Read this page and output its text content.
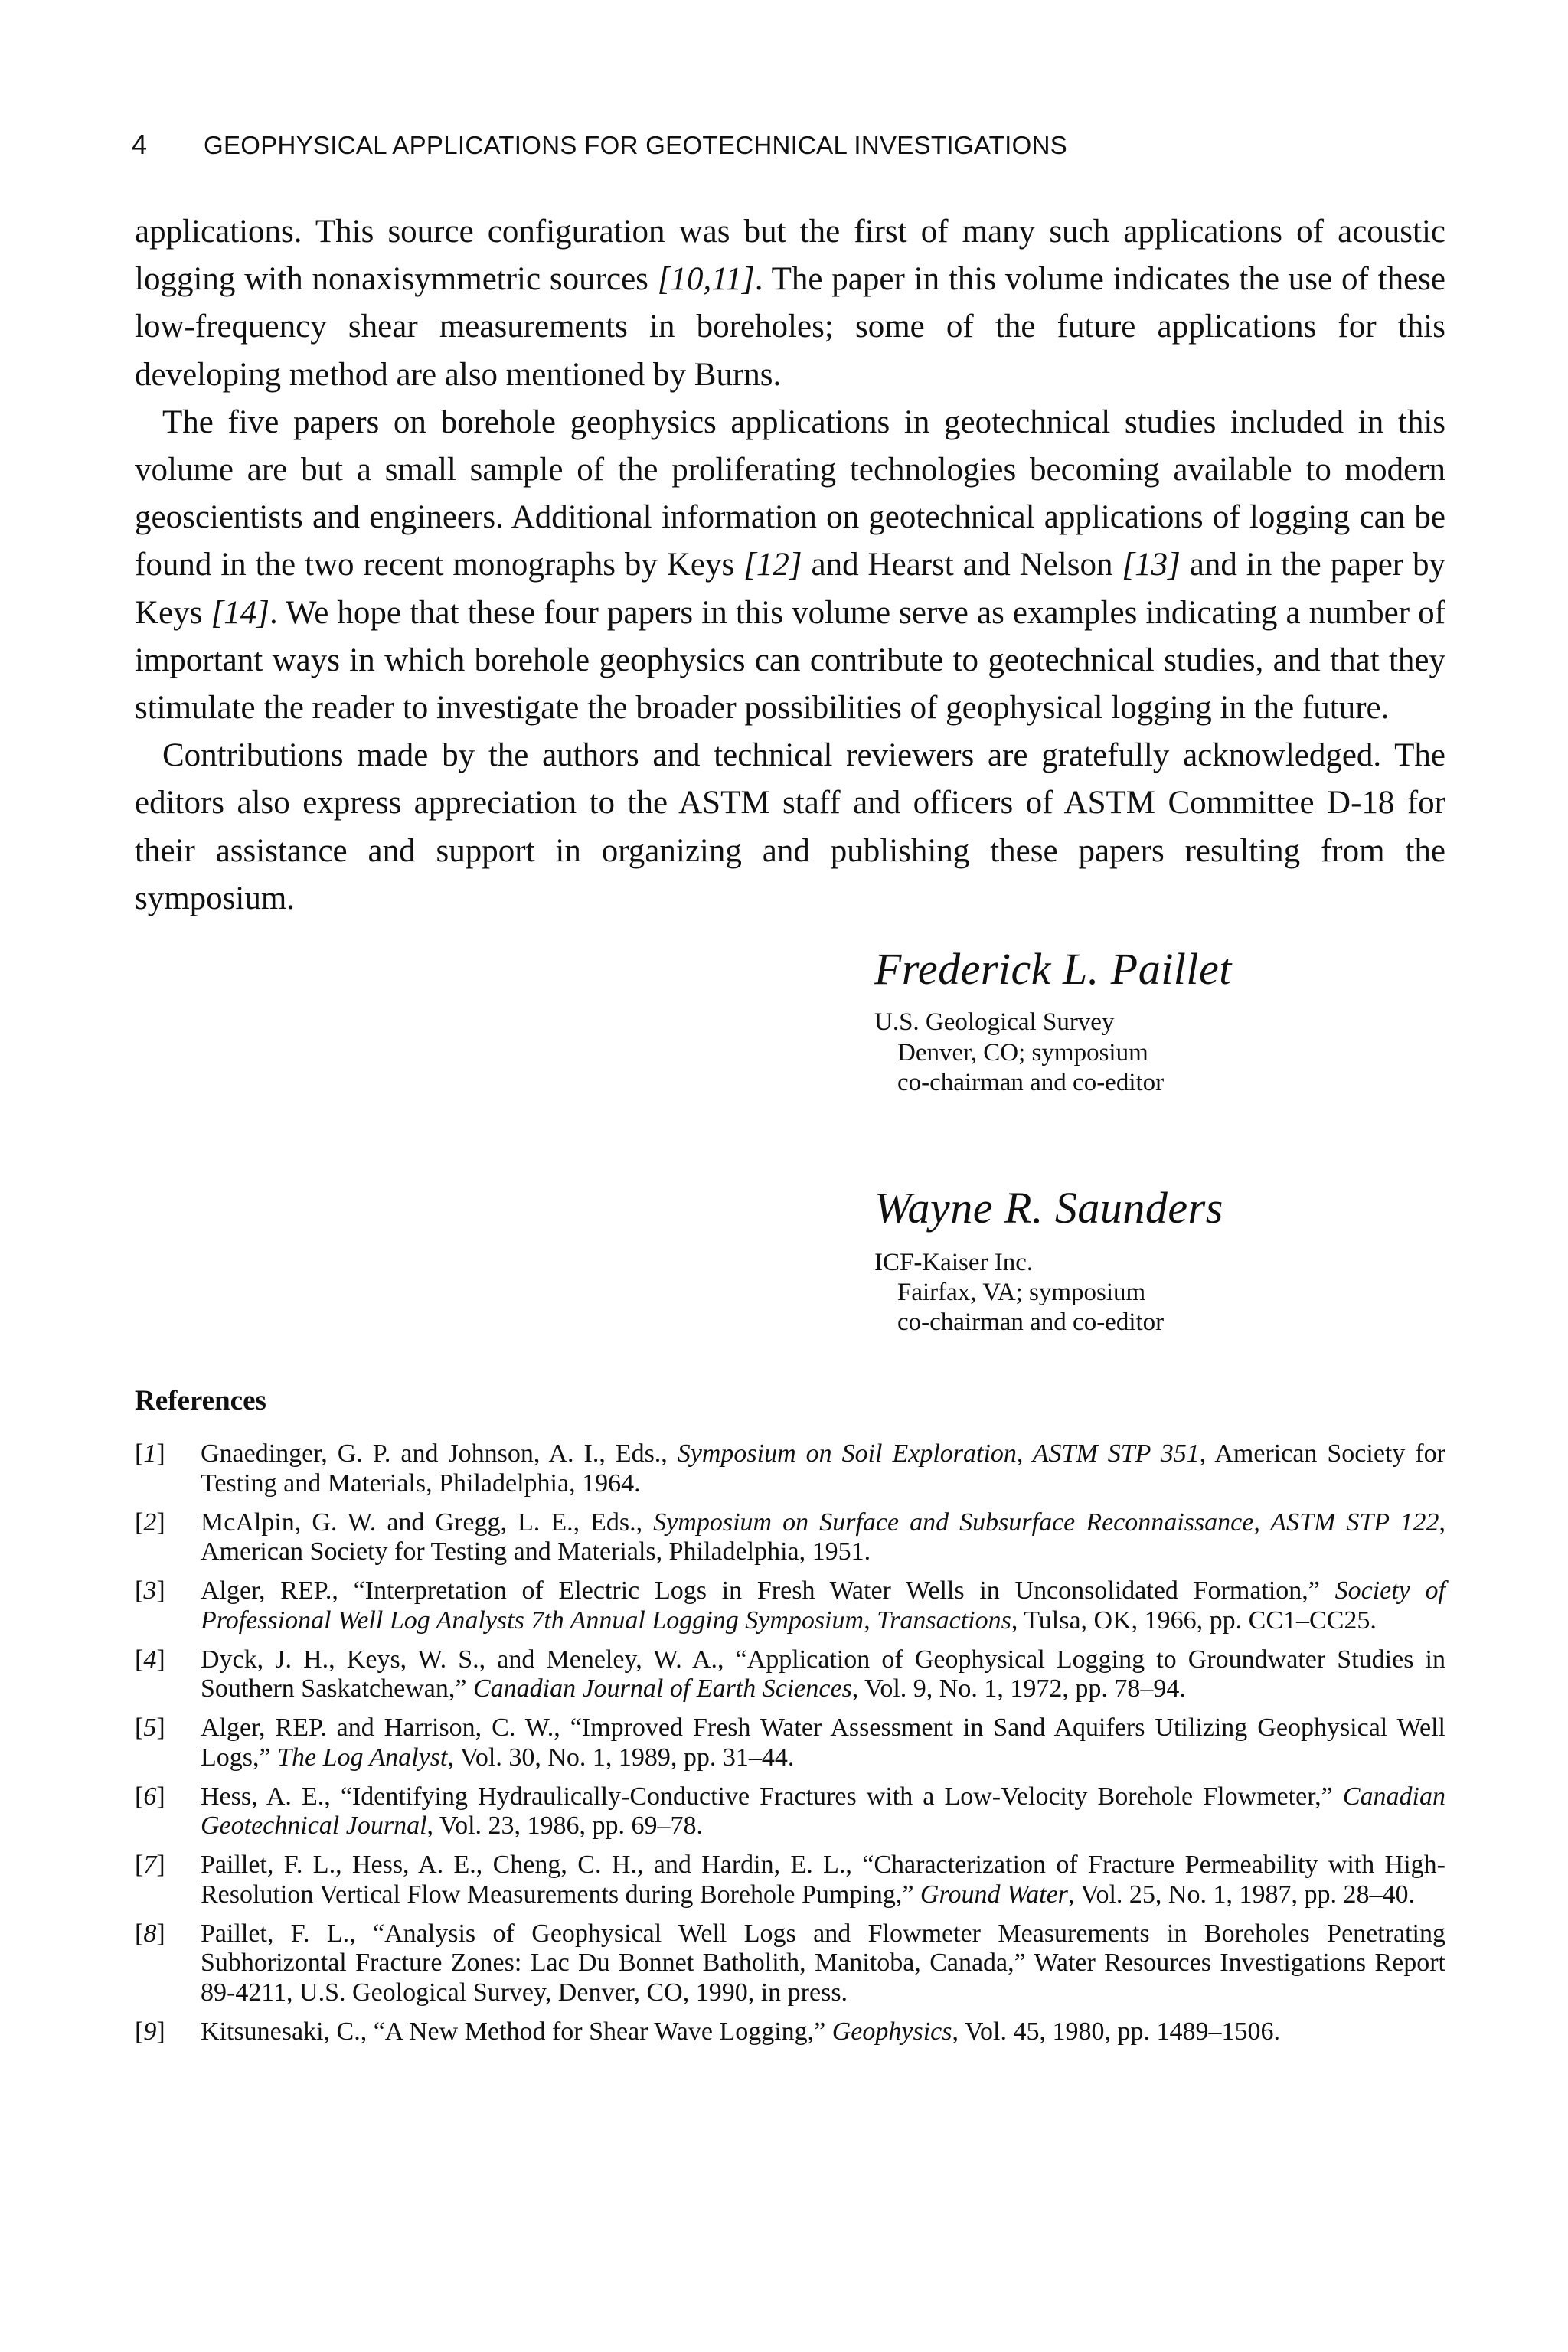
4 GEOPHYSICAL APPLICATIONS FOR GEOTECHNICAL INVESTIGATIONS

applications. This source configuration was but the first of many such applications of acoustic logging with nonaxisymmetric sources [10,11]. The paper in this volume indicates the use of these low-frequency shear measurements in boreholes; some of the future applications for this developing method are also mentioned by Burns.

The five papers on borehole geophysics applications in geotechnical studies included in this volume are but a small sample of the proliferating technologies becoming available to modern geoscientists and engineers. Additional information on geotechnical applications of logging can be found in the two recent monographs by Keys [12] and Hearst and Nelson [13] and in the paper by Keys [14]. We hope that these four papers in this volume serve as examples indicating a number of important ways in which borehole geophysics can contribute to geotechnical studies, and that they stimulate the reader to investigate the broader possibilities of geophysical logging in the future.

Contributions made by the authors and technical reviewers are gratefully acknowledged. The editors also express appreciation to the ASTM staff and officers of ASTM Committee D-18 for their assistance and support in organizing and publishing these papers resulting from the symposium.

Frederick L. Paillet
U.S. Geological Survey
Denver, CO; symposium
co-chairman and co-editor
Wayne R. Saunders
ICF-Kaiser Inc.
Fairfax, VA; symposium
co-chairman and co-editor
References
[1]	Gnaedinger, G. P. and Johnson, A. I., Eds., Symposium on Soil Exploration, ASTM STP 351, American Society for Testing and Materials, Philadelphia, 1964.
[2]	McAlpin, G. W. and Gregg, L. E., Eds., Symposium on Surface and Subsurface Reconnaissance, ASTM STP 122, American Society for Testing and Materials, Philadelphia, 1951.
[3]	Alger, REP., “Interpretation of Electric Logs in Fresh Water Wells in Unconsolidated Formation,” Society of Professional Well Log Analysts 7th Annual Logging Symposium, Transactions, Tulsa, OK, 1966, pp. CC1–CC25.
[4]	Dyck, J. H., Keys, W. S., and Meneley, W. A., “Application of Geophysical Logging to Groundwater Studies in Southern Saskatchewan,” Canadian Journal of Earth Sciences, Vol. 9, No. 1, 1972, pp. 78–94.
[5]	Alger, REP. and Harrison, C. W., “Improved Fresh Water Assessment in Sand Aquifers Utilizing Geophysical Well Logs,” The Log Analyst, Vol. 30, No. 1, 1989, pp. 31–44.
[6]	Hess, A. E., “Identifying Hydraulically-Conductive Fractures with a Low-Velocity Borehole Flowmeter,” Canadian Geotechnical Journal, Vol. 23, 1986, pp. 69–78.
[7]	Paillet, F. L., Hess, A. E., Cheng, C. H., and Hardin, E. L., “Characterization of Fracture Permeability with High-Resolution Vertical Flow Measurements during Borehole Pumping,” Ground Water, Vol. 25, No. 1, 1987, pp. 28–40.
[8]	Paillet, F. L., “Analysis of Geophysical Well Logs and Flowmeter Measurements in Boreholes Penetrating Subhorizontal Fracture Zones: Lac Du Bonnet Batholith, Manitoba, Canada,” Water Resources Investigations Report 89-4211, U.S. Geological Survey, Denver, CO, 1990, in press.
[9]	Kitsunesaki, C., “A New Method for Shear Wave Logging,” Geophysics, Vol. 45, 1980, pp. 1489–1506.
